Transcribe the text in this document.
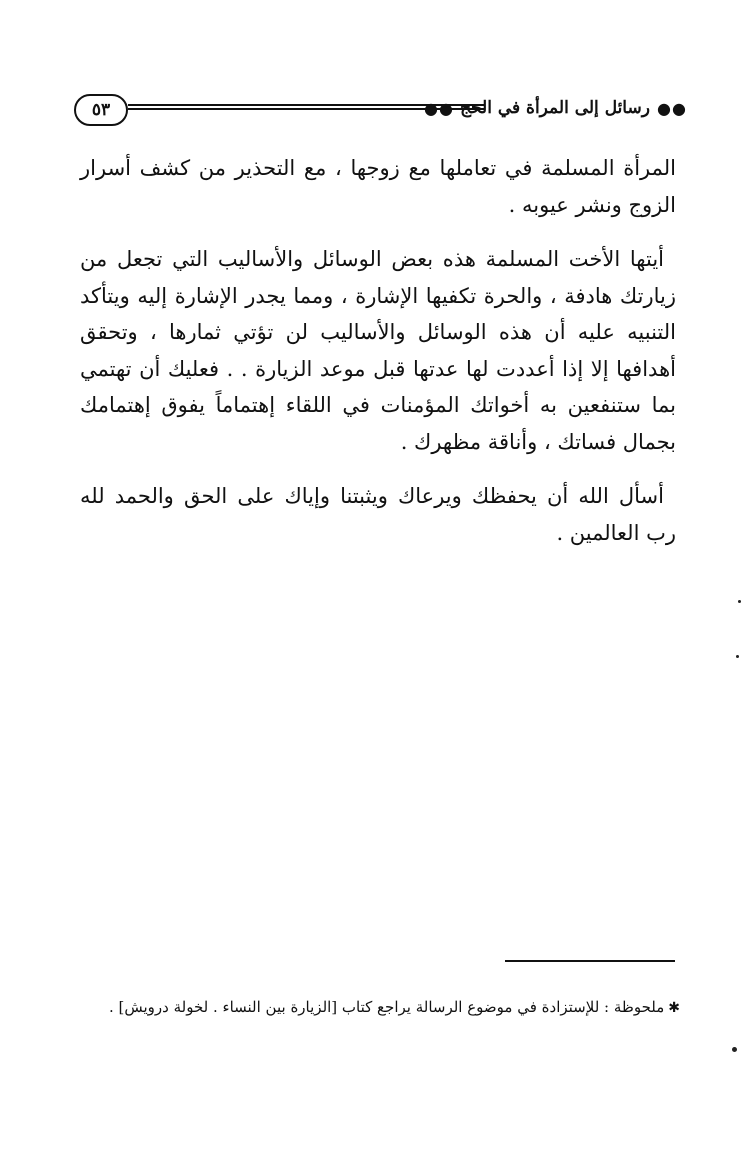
٥٣	●● رسائل إلى المرأة في الحج ●●

المرأة المسلمة في تعاملها مع زوجها ، مع التحذير من كشف أسرار الزوج ونشر عيوبه .

أيتها الأخت المسلمة هذه بعض الوسائل والأساليب التي تجعل من زيارتك هادفة ، والحرة تكفيها الإشارة ، ومما يجدر الإشارة إليه ويتأكد التنبيه عليه أن هذه الوسائل والأساليب لن تؤتي ثمارها ، وتحقق أهدافها إلا إذا أعددت لها عدتها قبل موعد الزيارة . . فعليك أن تهتمي بما ستنفعين به أخواتك المؤمنات في اللقاء إهتماماً يفوق إهتمامك بجمال فساتك ، وأناقة مظهرك .

أسأل الله أن يحفظك ويرعاك ويثبتنا وإياك على الحق والحمد لله رب العالمين .

✱ملحوظة : للإستزادة في موضوع الرسالة يراجع كتاب [الزيارة بين النساء . لخولة درويش] .
